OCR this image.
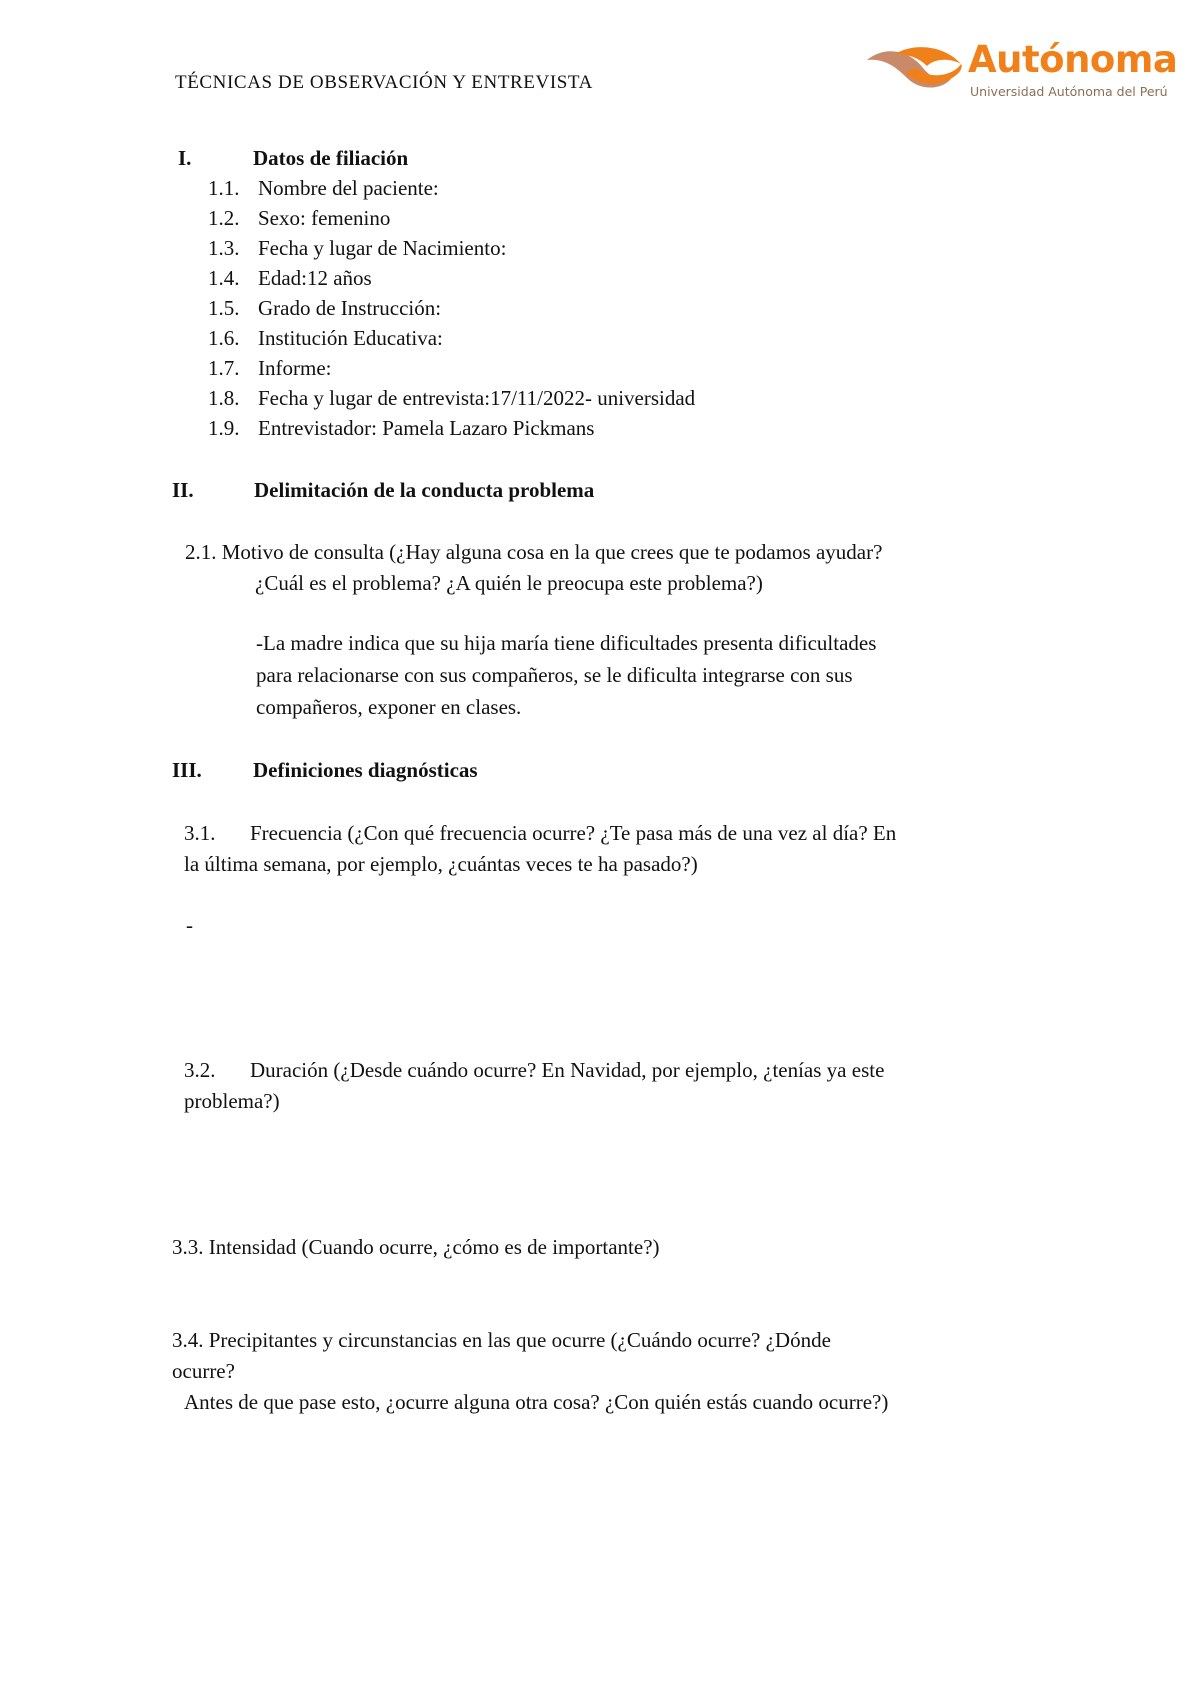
TÉCNICAS DE OBSERVACIÓN Y ENTREVISTA
Autónoma
Universidad Autónoma del Perú
I.	Datos de filiación
1.1. Nombre del paciente:
1.2. Sexo: femenino
1.3. Fecha y lugar de Nacimiento:
1.4. Edad:12 años
1.5. Grado de Instrucción:
1.6. Institución Educativa:
1.7. Informe:
1.8. Fecha y lugar de entrevista:17/11/2022- universidad
1.9. Entrevistador: Pamela Lazaro Pickmans
II.	Delimitación de la conducta problema
2.1. Motivo de consulta (¿Hay alguna cosa en la que crees que te podamos ayudar?
¿Cuál es el problema? ¿A quién le preocupa este problema?)
-La madre indica que su hija maría tiene dificultades presenta dificultades
para relacionarse con sus compañeros, se le dificulta integrarse con sus
compañeros, exponer en clases.
III. Definiciones diagnósticas
3.1. Frecuencia (¿Con qué frecuencia ocurre? ¿Te pasa más de una vez al día? En
la última semana, por ejemplo, ¿cuántas veces te ha pasado?)
-
3.2. Duración (¿Desde cuándo ocurre? En Navidad, por ejemplo, ¿tenías ya este
problema?)
3.3. Intensidad (Cuando ocurre, ¿cómo es de importante?)
3.4. Precipitantes y circunstancias en las que ocurre (¿Cuándo ocurre? ¿Dónde
ocurre?
Antes de que pase esto, ¿ocurre alguna otra cosa? ¿Con quién estás cuando ocurre?)
